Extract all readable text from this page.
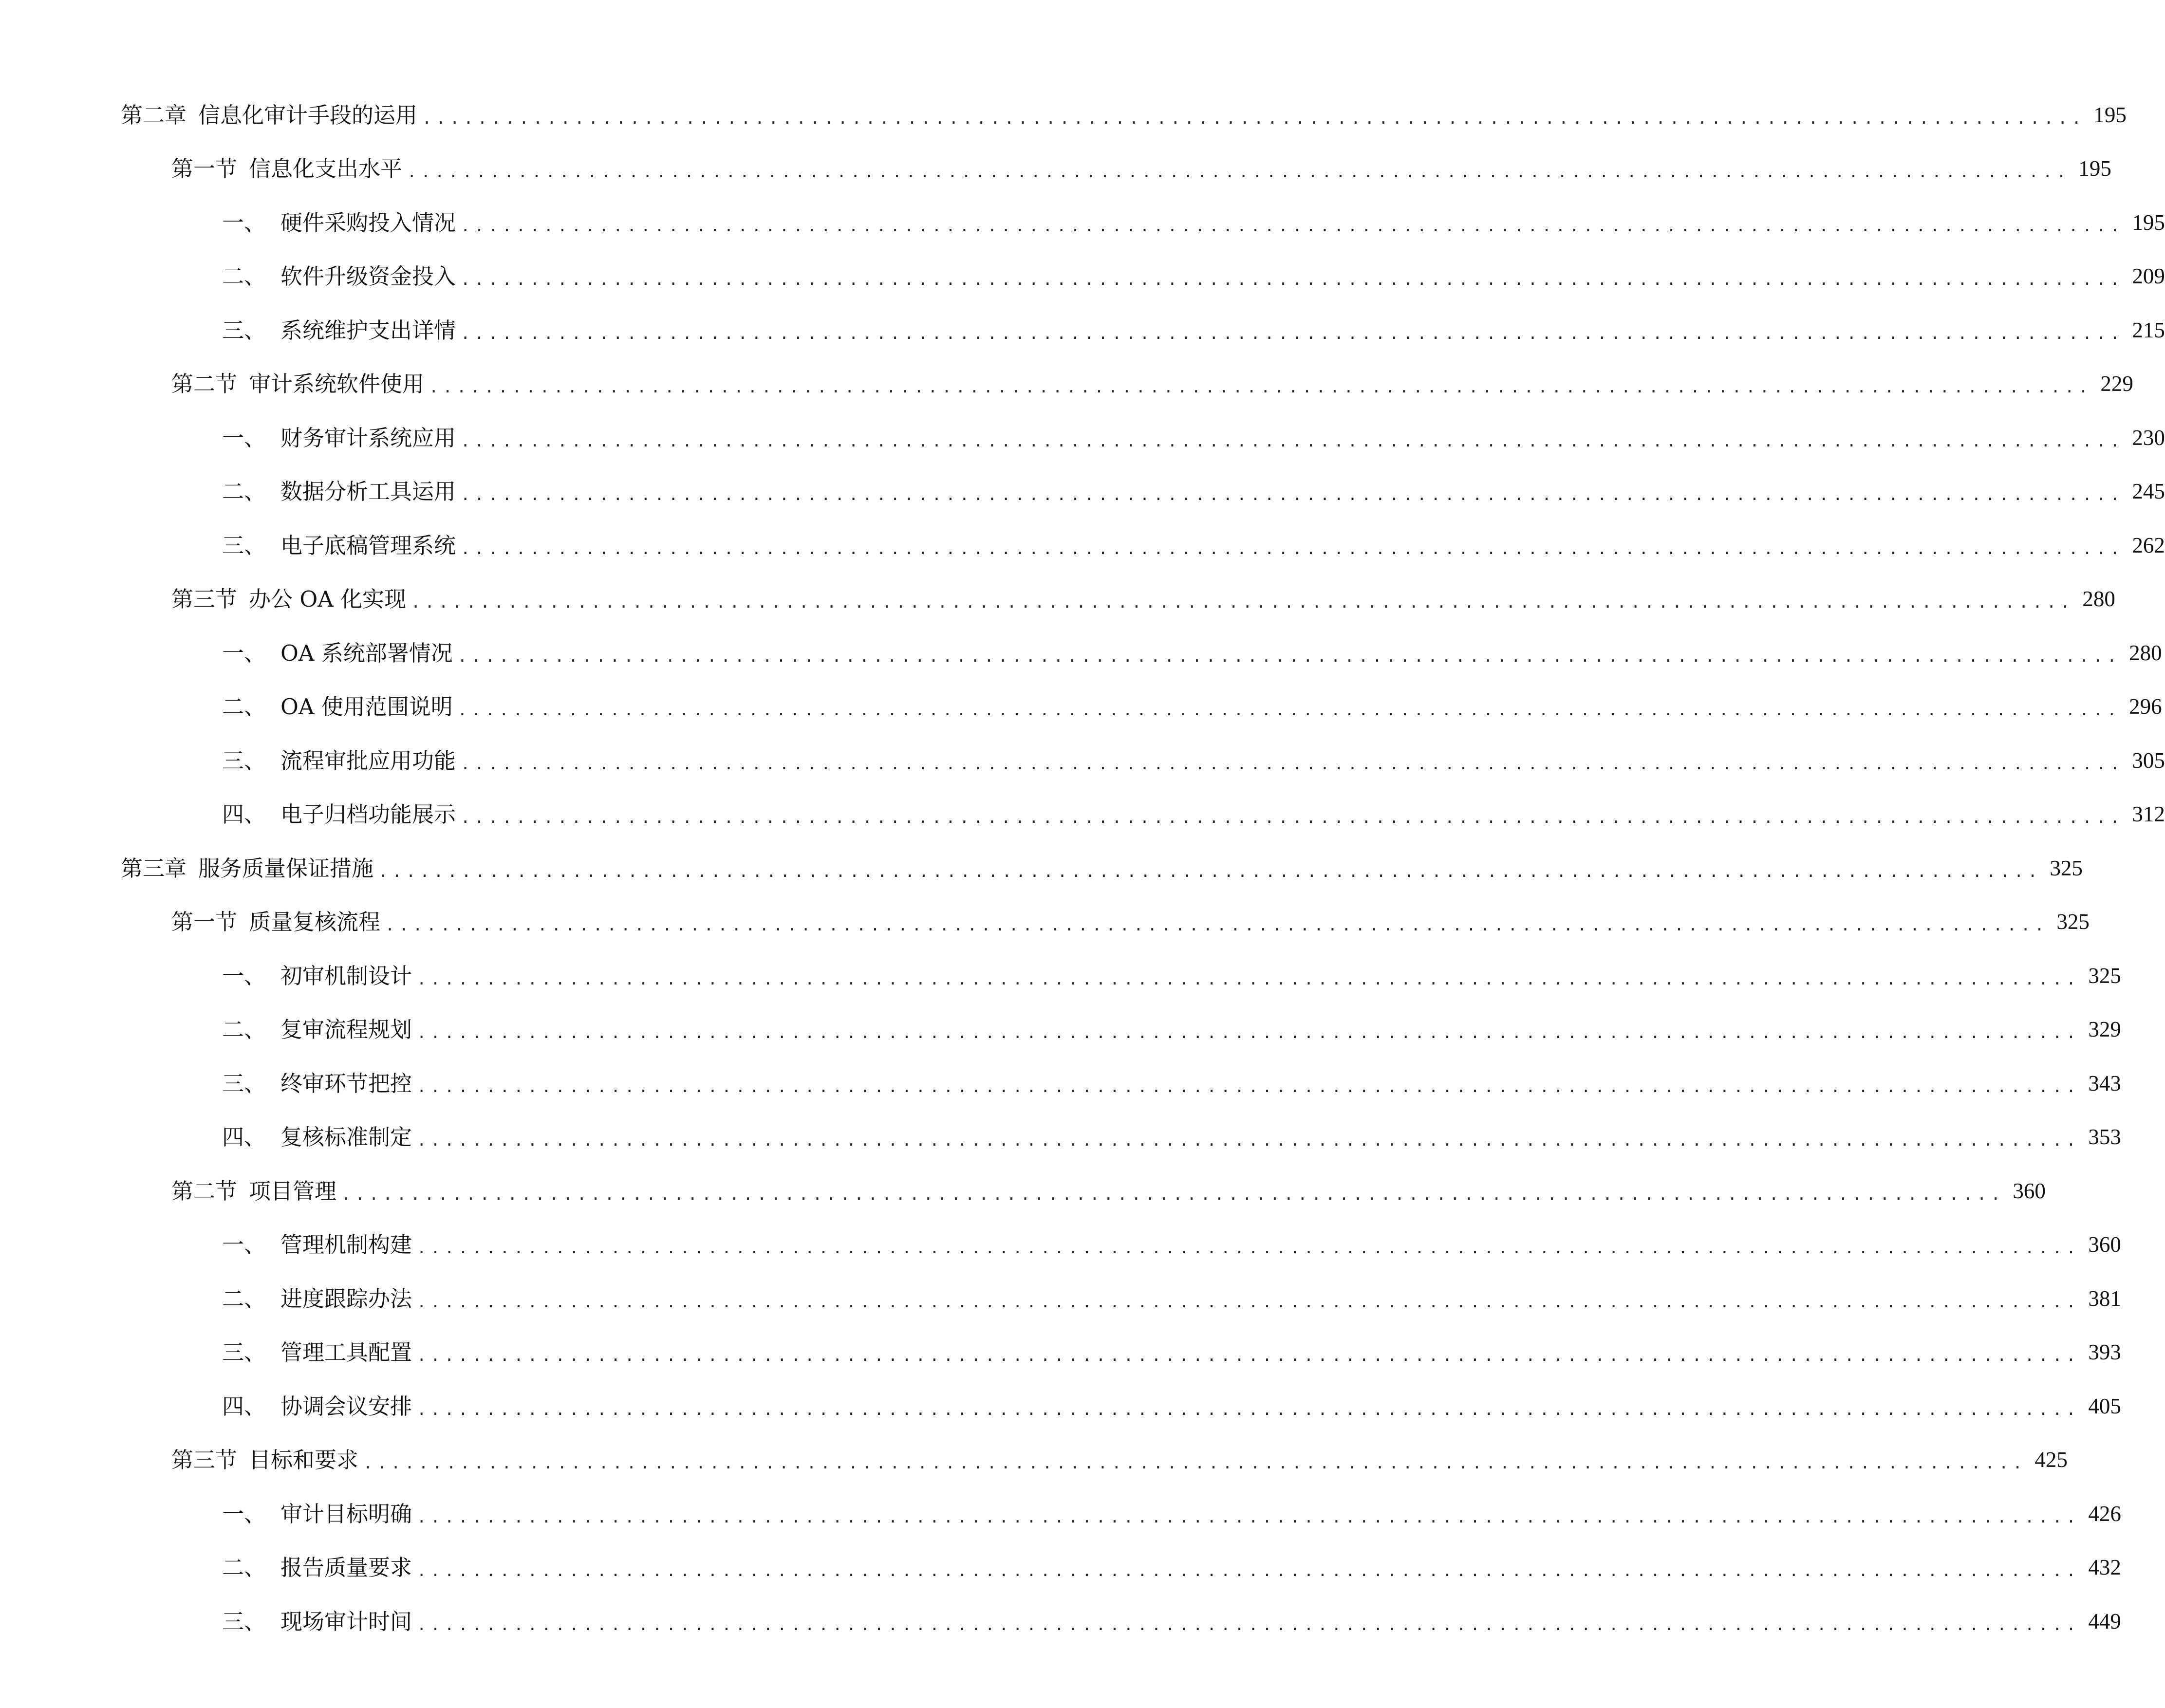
第二章 信息化审计手段的运用 ........................................................................................................................ 195
第一节 信息化支出水平 ........................................................................................................................ 195
一、 硬件采购投入情况 ........................................................................................................................ 195
二、 软件升级资金投入 ........................................................................................................................ 209
三、 系统维护支出详情 ........................................................................................................................ 215
第二节 审计系统软件使用 ........................................................................................................................ 229
一、 财务审计系统应用 ........................................................................................................................ 230
二、 数据分析工具运用 ........................................................................................................................ 245
三、 电子底稿管理系统 ........................................................................................................................ 262
第三节 办公 OA 化实现 ........................................................................................................................ 280
一、 OA 系统部署情况 ........................................................................................................................ 280
二、 OA 使用范围说明 ........................................................................................................................ 296
三、 流程审批应用功能 ........................................................................................................................ 305
四、 电子归档功能展示 ........................................................................................................................ 312
第三章 服务质量保证措施 ........................................................................................................................ 325
第一节 质量复核流程 ........................................................................................................................ 325
一、 初审机制设计 ........................................................................................................................ 325
二、 复审流程规划 ........................................................................................................................ 329
三、 终审环节把控 ........................................................................................................................ 343
四、 复核标准制定 ........................................................................................................................ 353
第二节 项目管理 ........................................................................................................................ 360
一、 管理机制构建 ........................................................................................................................ 360
二、 进度跟踪办法 ........................................................................................................................ 381
三、 管理工具配置 ........................................................................................................................ 393
四、 协调会议安排 ........................................................................................................................ 405
第三节 目标和要求 ........................................................................................................................ 425
一、 审计目标明确 ........................................................................................................................ 426
二、 报告质量要求 ........................................................................................................................ 432
三、 现场审计时间 ........................................................................................................................ 449
